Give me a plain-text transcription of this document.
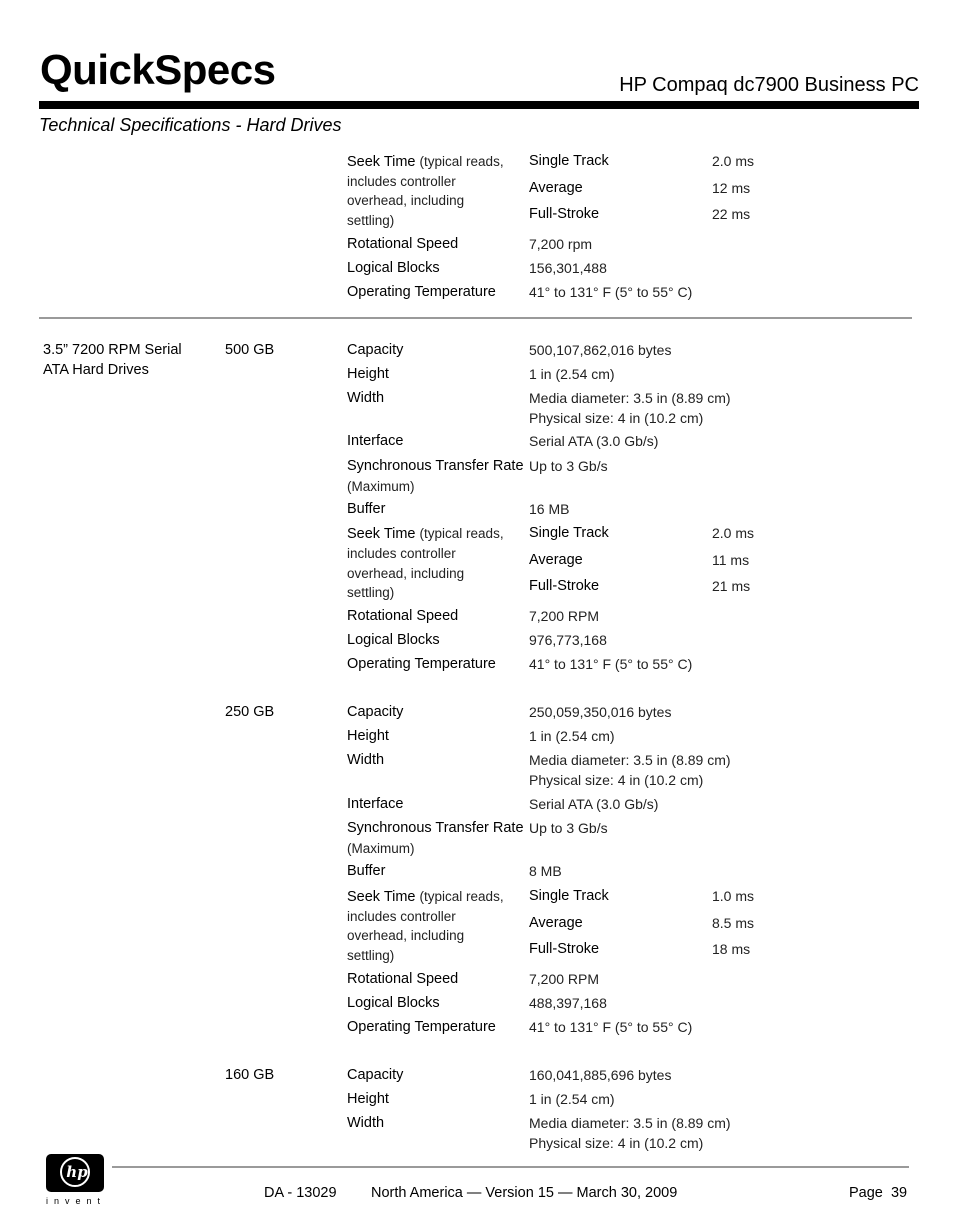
QuickSpecs	HP Compaq dc7900 Business PC
Technical Specifications - Hard Drives
Seek Time (typical reads,
includes controller
overhead, including
settling)
Single Track	2.0 ms
Average	12 ms
Full-Stroke	22 ms
Rotational Speed	7,200 rpm
Logical Blocks	156,301,488
Operating Temperature 41° to 131° F (5° to 55° C)
3.5” 7200 RPM Serial
ATA Hard Drives
500 GB	Capacity	500,107,862,016 bytes
Height	1 in (2.54 cm)
Width	Media diameter: 3.5 in (8.89 cm)
Physical size: 4 in (10.2 cm)
Interface	Serial ATA (3.0 Gb/s)
Synchronous Transfer Rate Up to 3 Gb/s
(Maximum)
Buffer	16 MB
Seek Time (typical reads,
includes controller
overhead, including
settling)
Single Track	2.0 ms
Average	11 ms
Full-Stroke	21 ms
Rotational Speed	7,200 RPM
Logical Blocks	976,773,168
Operating Temperature 41° to 131° F (5° to 55° C)
250 GB	Capacity	250,059,350,016 bytes
Height	1 in (2.54 cm)
Width	Media diameter: 3.5 in (8.89 cm)
Physical size: 4 in (10.2 cm)
Interface	Serial ATA (3.0 Gb/s)
Synchronous Transfer Rate Up to 3 Gb/s
(Maximum)
Buffer	8 MB
Seek Time (typical reads,
includes controller
overhead, including
settling)
Single Track	1.0 ms
Average	8.5 ms
Full-Stroke	18 ms
Rotational Speed	7,200 RPM
Logical Blocks	488,397,168
Operating Temperature 41° to 131° F (5° to 55° C)
160 GB	Capacity	160,041,885,696 bytes
Height	1 in (2.54 cm)
Width	Media diameter: 3.5 in (8.89 cm)
Physical size: 4 in (10.2 cm)
hp
invent	DA - 13029 North America — Version 15 — March 30, 2009	Page 39
